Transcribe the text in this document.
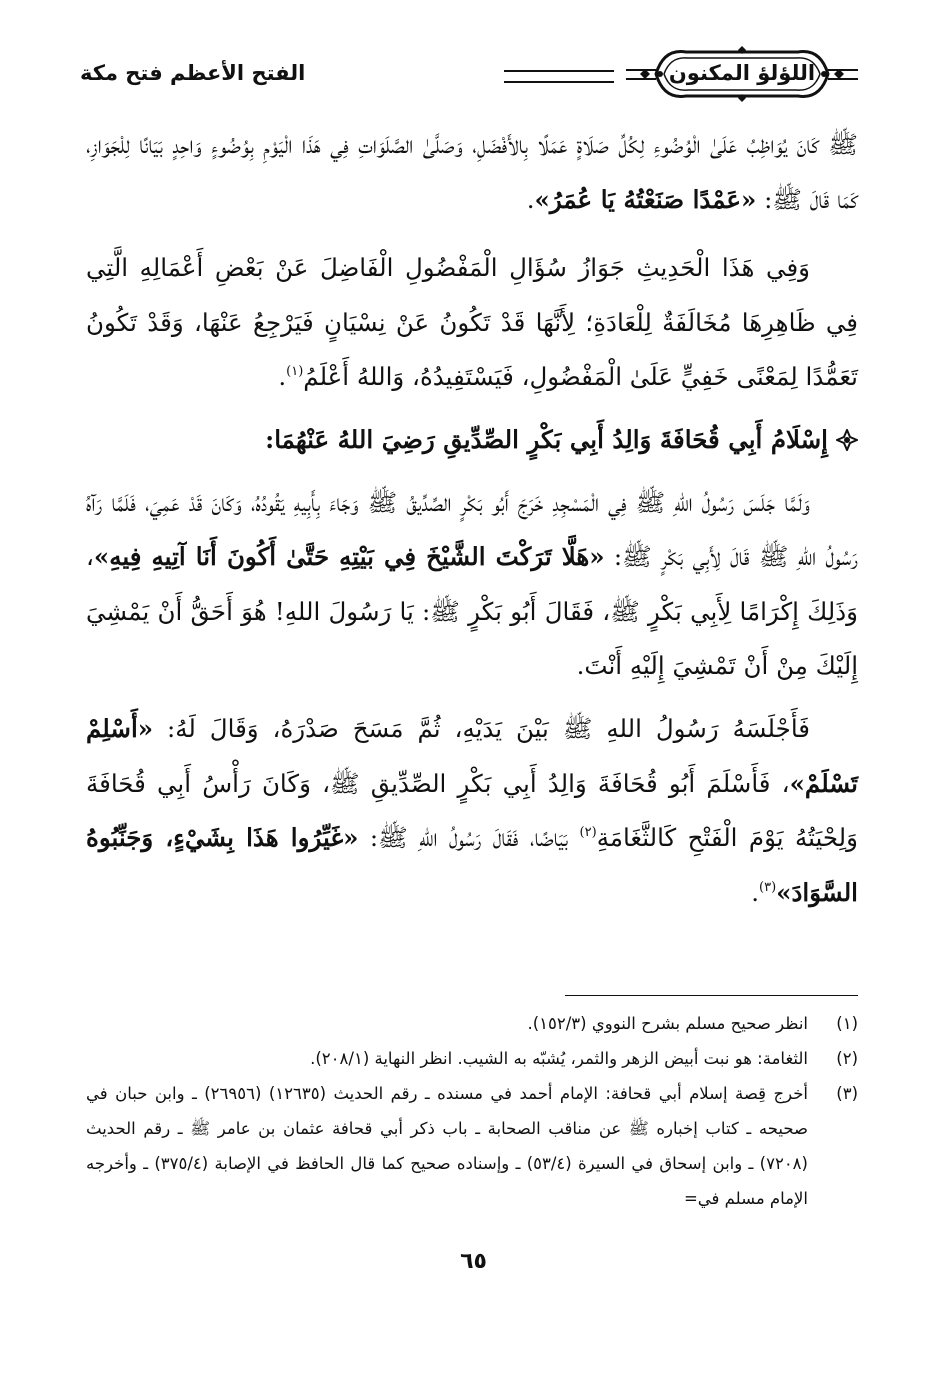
اللؤلؤ المكنون
الفتح الأعظم فتح مكة

ﷺ كَانَ يُوَاظِبُ عَلَىٰ الْوُضُوءِ لِكُلِّ صَلَاةٍ عَمَلًا بِالأَفْضَلِ، وَصَلَّىٰ الصَّلَوَاتِ فِي هَذَا الْيَوْمِ بِوُضُوءٍ وَاحِدٍ بَيَانًا لِلْجَوَازِ، كَمَا قَالَ ﷺ: «عَمْدًا صَنَعْتُهُ يَا عُمَرُ».

وَفِي هَذَا الْحَدِيثِ جَوَازُ سُؤَالِ الْمَفْضُولِ الْفَاضِلَ عَنْ بَعْضِ أَعْمَالِهِ الَّتِي فِي ظَاهِرِهَا مُخَالَفَةٌ لِلْعَادَةِ؛ لِأَنَّهَا قَدْ تَكُونُ عَنْ نِسْيَانٍ فَيَرْجِعُ عَنْهَا، وَقَدْ تَكُونُ تَعَمُّدًا لِمَعْنًى خَفِيٍّ عَلَىٰ الْمَفْضُولِ، فَيَسْتَفِيدُهُ، وَاللهُ أَعْلَمُ$^{(١)}$.

إِسْلَامُ أَبِي قُحَافَةَ وَالِدُ أَبِي بَكْرٍ الصِّدِّيقِ رَضِيَ اللهُ عَنْهُمَا:

وَلَمَّا جَلَسَ رَسُولُ اللهِ ﷺ فِي الْمَسْجِدِ خَرَجَ أَبُو بَكْرٍ الصِّدِّيقُ ﷺ وَجَاءَ بِأَبِيهِ يَقُودُهُ، وَكَانَ قَدْ عَمِيَ، فَلَمَّا رَآهُ رَسُولُ اللهِ ﷺ قَالَ لِأَبِي بَكْرٍ ﷺ: «هَلَّا تَرَكْتَ الشَّيْخَ فِي بَيْتِهِ حَتَّىٰ أَكُونَ أَنَا آتِيهِ فِيهِ»، وَذَلِكَ إِكْرَامًا لِأَبِي بَكْرٍ ﷺ، فَقَالَ أَبُو بَكْرٍ ﷺ: يَا رَسُولَ اللهِ! هُوَ أَحَقُّ أَنْ يَمْشِيَ إِلَيْكَ مِنْ أَنْ تَمْشِيَ إِلَيْهِ أَنْتَ.

فَأَجْلَسَهُ رَسُولُ اللهِ ﷺ بَيْنَ يَدَيْهِ، ثُمَّ مَسَحَ صَدْرَهُ، وَقَالَ لَهُ: «أَسْلِمْ تَسْلَمْ»، فَأَسْلَمَ أَبُو قُحَافَةَ وَالِدُ أَبِي بَكْرٍ الصِّدِّيقِ ﷺ، وَكَانَ رَأْسُ أَبِي قُحَافَةَ وَلِحْيَتُهُ يَوْمَ الْفَتْحِ كَالثَّغَامَةِ$^{(٢)}$ بَيَاضًا، فَقَالَ رَسُولُ اللهِ ﷺ: «غَيِّرُوا هَذَا بِشَيْءٍ، وَجَنِّبُوهُ السَّوَادَ»$^{(٣)}$.

(١)
انظر صحيح مسلم بشرح النووي (١٥٢/٣).
(٢)
الثغامة: هو نبت أبيض الزهر والثمر، يُشبّه به الشيب. انظر النهاية (٢٠٨/١).
(٣)
أخرج قِصة إسلام أبي قحافة: الإمام أحمد في مسنده ـ رقم الحديث (١٢٦٣٥) (٢٦٩٥٦) ـ وابن حبان في صحيحه ـ كتاب إخباره ﷺ عن مناقب الصحابة ـ باب ذكر أبي قحافة عثمان بن عامر ﷺ ـ رقم الحديث (٧٢٠٨) ـ وابن إسحاق في السيرة (٥٣/٤) ـ وإسناده صحيح كما قال الحافظ في الإصابة (٣٧٥/٤) ـ وأخرجه الإمام مسلم في=
٦٥
